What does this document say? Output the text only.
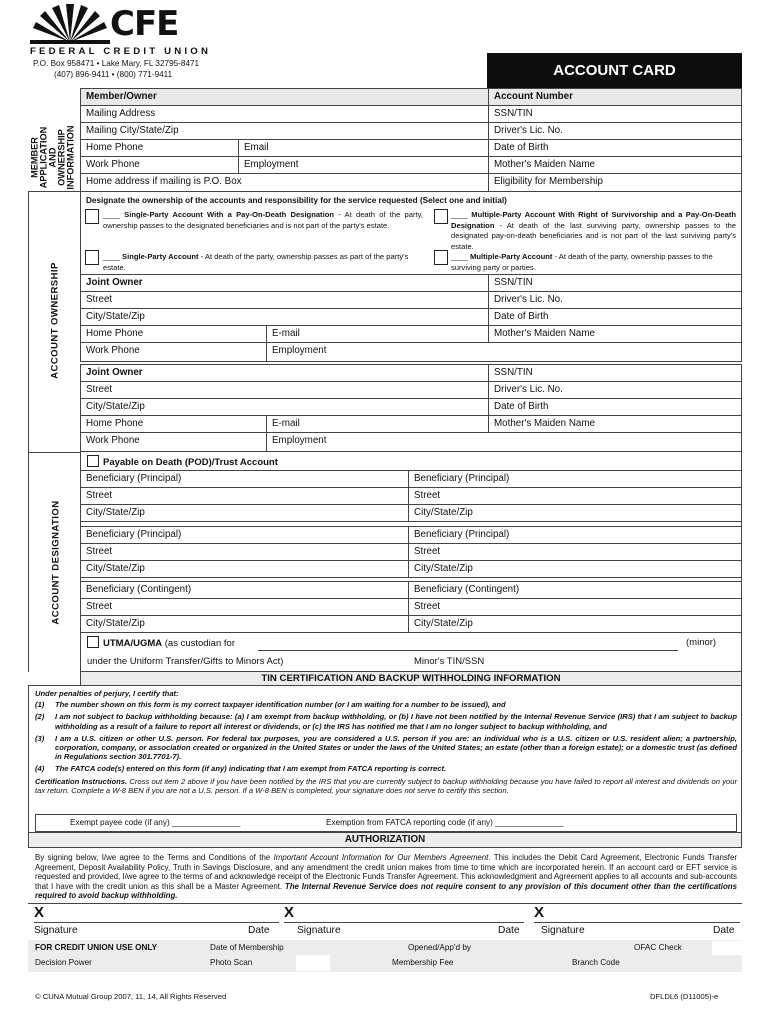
CFE
FEDERAL CREDIT UNION
P.O. Box 958471 • Lake Mary, FL 32795-8471
(407) 896-9411 • (800) 771-9411	ACCOUNT CARD
MEMBER APPLICATION AND OWNERSHIP INFORMATION
Member/Owner	Account Number
Mailing Address	SSN/TIN
Mailing City/State/Zip	Driver's Lic. No.
Home Phone	Email	Date of Birth
Work Phone	Employment	Mother's Maiden Name
Home address if mailing is P.O. Box	Eligibility for Membership
ACCOUNT OWNERSHIP
Designate the ownership of the accounts and responsibility for the service requested (Select one and initial)
____ Single-Party Account With a Pay-On-Death Designation - At death of the party, ownership passes to the designated beneficiaries and is not part of the party's estate.
____ Single-Party Account - At death of the party, ownership passes as part of the party's estate.
____ Multiple-Party Account With Right of Survivorship and a Pay-On-Death Designation - At death of the last surviving party, ownership passes to the designated pay-on-death beneficiaries and is not part of the last surviving party's estate.
____ Multiple-Party Account - At death of the party, ownership passes to the surviving party or parties.
Joint Owner	SSN/TIN
Street	Driver's Lic. No.
City/State/Zip	Date of Birth
Home Phone	E-mail	Mother's Maiden Name
Work Phone	Employment
Joint Owner	SSN/TIN
Street	Driver's Lic. No.
City/State/Zip	Date of Birth
Home Phone	E-mail	Mother's Maiden Name
Work Phone	Employment
ACCOUNT DESIGNATION
Payable on Death (POD)/Trust Account
Beneficiary (Principal)	Beneficiary (Principal)
Street	Street
City/State/Zip	City/State/Zip
Beneficiary (Principal)	Beneficiary (Principal)
Street	Street
City/State/Zip	City/State/Zip
Beneficiary (Contingent)	Beneficiary (Contingent)
Street	Street
City/State/Zip	City/State/Zip
UTMA/UGMA (as custodian for	(minor)
under the Uniform Transfer/Gifts to Minors Act)	Minor's TIN/SSN
TIN CERTIFICATION AND BACKUP WITHHOLDING INFORMATION

Under penalties of perjury, I certify that:

(1)	The number shown on this form is my correct taxpayer identification number (or I am waiting for a number to be issued), and
(2)	I am not subject to backup withholding because: (a) I am exempt from backup withholding, or (b) I have not been notified by the Internal Revenue Service (IRS) that I am subject to backup withholding as a result of a failure to report all interest or dividends, or (c) the IRS has notified me that I am no longer subject to backup withholding, and
(3)	I am a U.S. citizen or other U.S. person. For federal tax purposes, you are considered a U.S. person if you are: an individual who is a U.S. citizen or U.S. resident alien; a partnership, corporation, company, or association created or organized in the United States or under the laws of the United States; an estate (other than a foreign estate); or a domestic trust (as defined in Regulations section 301.7701-7).
(4)	The FATCA code(s) entered on this form (if any) indicating that I am exempt from FATCA reporting is correct.

Certification Instructions. Cross out item 2 above if you have been notified by the IRS that you are currently subject to backup withholding because you have failed to report all interest and dividends on your tax return. Complete a W-8 BEN if you are not a U.S. person. If a W-8 BEN is completed, your signature does not serve to certify this section.

Exempt payee code (if any) _______________	Exemption from FATCA reporting code (if any) _______________
AUTHORIZATION
By signing below, I/we agree to the Terms and Conditions of the Important Account Information for Our Members Agreement. This includes the Debit Card Agreement, Electronic Funds Transfer Agreement, Deposit Availability Policy, Truth in Savings Disclosure, and any amendment the credit union makes from time to time which are incorporated herein. If an account card or EFT service is requested and provided, I/we agree to the terms of and acknowledge receipt of the Electronic Funds Transfer Agreement. This acknowledgment and Agreement applies to all accounts and sub-accounts that I have with the credit union as this shall be a Master Agreement. The Internal Revenue Service does not require consent to any provision of this document other than the certifications required to avoid backup withholding.
X
Signature	Date
X
Signature	Date
X
Signature	Date
FOR CREDIT UNION USE ONLY	Date of Membership	Opened/App'd by	OFAC Check
Decision Power	Photo Scan	Membership Fee	Branch Code
© CUNA Mutual Group 2007, 11, 14, All Rights Reserved	DFLDL6 (D11005)-e
